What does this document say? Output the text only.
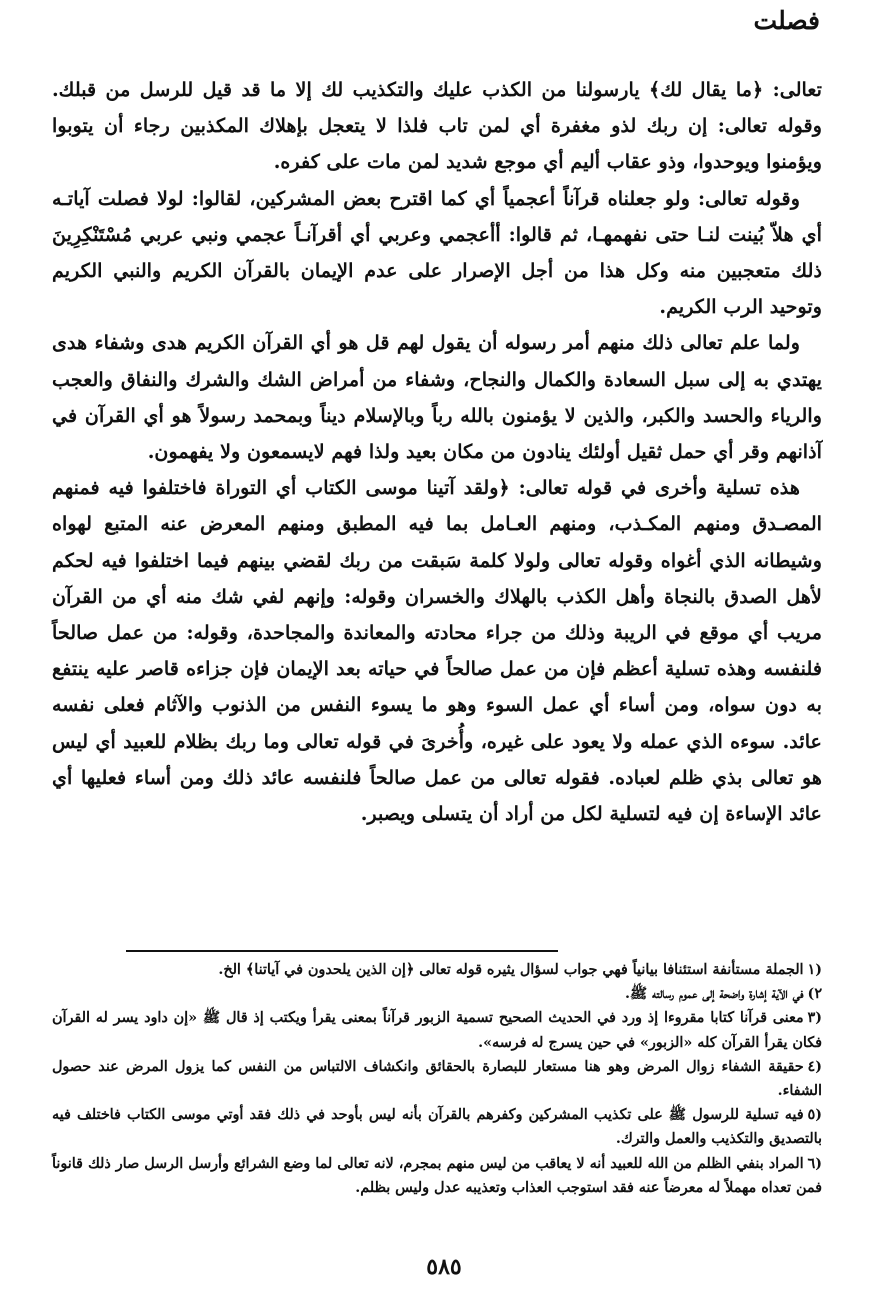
فصلت

تعالى: ﴿ما يقال لك﴾ يارسولنا من الكذب عليك والتكذيب لك إلا ما قد قيل للرسل من قبلك. وقوله تعالى: إن ربك لذو مغفرة أي لمن تاب فلذا لا يتعجل بإهلاك المكذبين رجاء أن يتوبوا ويؤمنوا ويوحدوا، وذو عقاب أليم أي موجع شديد لمن مات على كفره.

وقوله تعالى: ولو جعلناه قرآناً أعجمياً أي كما اقترح بعض المشركين، لقالوا: لولا فصلت آياتـه أي هلاّ بُينت لنـا حتى نفهمهـا، ثم قالوا: أأعجمي وعربي أي أقرآنـاً عجمي ونبي عربي مُسْتَنْكِرِينَ ذلك متعجبين منه وكل هذا من أجل الإصرار على عدم الإيمان بالقرآن الكريم والنبي الكريم وتوحيد الرب الكريم.

ولما علم تعالى ذلك منهم أمر رسوله أن يقول لهم قل هو أي القرآن الكريم هدى وشفاء هدى يهتدي به إلى سبل السعادة والكمال والنجاح، وشفاء من أمراض الشك والشرك والنفاق والعجب والرياء والحسد والكبر، والذين لا يؤمنون بالله رباً وبالإسلام ديناً وبمحمد رسولاً هو أي القرآن في آذانهم وقر أي حمل ثقيل أولئك ينادون من مكان بعيد ولذا فهم لايسمعون ولا يفهمون.

هذه تسلية وأخرى في قوله تعالى: ﴿ولقد آتينا موسى الكتاب أي التوراة فاختلفوا فيه فمنهم المصـدق ومنهم المكـذب، ومنهم العـامل بما فيه المطبق ومنهم المعرض عنه المتبع لهواه وشيطانه الذي أغواه وقوله تعالى ولولا كلمة سَبقت من ربك لقضي بينهم فيما اختلفوا فيه لحكم لأهل الصدق بالنجاة وأهل الكذب بالهلاك والخسران وقوله: وإنهم لفي شك منه أي من القرآن مريب أي موقع في الريبة وذلك من جراء محادته والمعاندة والمجاحدة، وقوله: من عمل صالحاً فلنفسه وهذه تسلية أعظم فإن من عمل صالحاً في حياته بعد الإيمان فإن جزاءه قاصر عليه ينتفع به دون سواه، ومن أساء أي عمل السوء وهو ما يسوء النفس من الذنوب والآثام فعلى نفسه عائد. سوءه الذي عمله ولا يعود على غيره، وأُخرىَ في قوله تعالى وما ربك بظلام للعبيد أي ليس هو تعالى بذي ظلم لعباده. فقوله تعالى من عمل صالحاً فلنفسه عائد ذلك ومن أساء فعليها أي عائد الإساءة إن فيه لتسلية لكل من أراد أن يتسلى ويصبر.

(١الجملة مستأنفة استئنافا بيانياً فهي جواب لسؤال يثيره قوله تعالى ﴿إن الذين يلحدون في آياتنا﴾ الخ.

٢)في الآية إشارة واضحة إلى عموم رسالته ﷺ.

(٣معنى قرآنا كتابا مقروءا إذ ورد في الحديث الصحيح تسمية الزبور قرآناً بمعنى يقرأ ويكتب إذ قال ﷺ «إن داود يسر له القرآن فكان يقرأ القرآن كله «الزبور» في حين يسرج له فرسه».

(٤حقيقة الشفاء زوال المرض وهو هنا مستعار للبصارة بالحقائق وانكشاف الالتباس من النفس كما يزول المرض عند حصول الشفاء.

(٥فيه تسلية للرسول ﷺ على تكذيب المشركين وكفرهم بالقرآن بأنه ليس بأوحد في ذلك فقد أوتي موسى الكتاب فاختلف فيه بالتصديق والتكذيب والعمل والترك.

(٦المراد بنفي الظلم من الله للعبيد أنه لا يعاقب من ليس منهم بمجرم، لانه تعالى لما وضع الشرائع وأرسل الرسل صار ذلك قانوناً فمن تعداه مهملاً له معرضاً عنه فقد استوجب العذاب وتعذيبه عدل وليس بظلم.

٥٨٥
